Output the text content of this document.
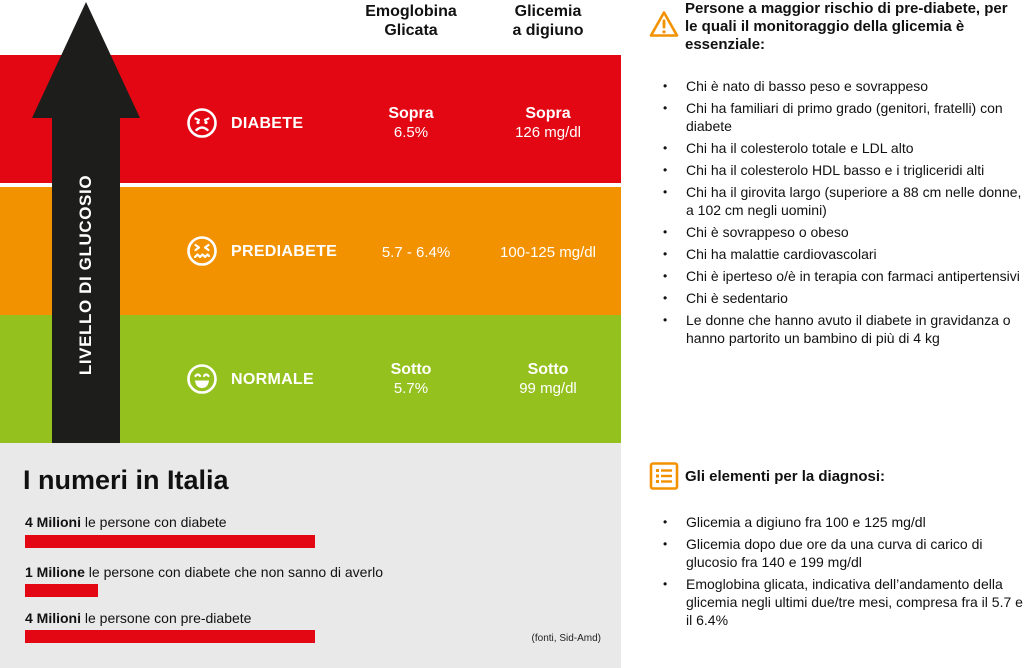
Emoglobina
Glicata
Glicemia
a digiuno
DIABETE
Sopra
6.5%
Sopra
126 mg/dl
PREDIABETE	5.7 - 6.4%	100-125 mg/dl
NORMALE
Sotto
5.7%
Sotto
99 mg/dl
LIVELLO DI GLUCOSIO
I numeri in Italia
4 Milioni le persone con diabete
1 Milione le persone con diabete che non sanno di averlo
4 Milioni le persone con pre-diabete
(fonti, Sid-Amd)
Persone a maggior rischio di pre-diabete, per le quali il monitoraggio della glicemia è essenziale:
• Chi è nato di basso peso e sovrappeso
• Chi ha familiari di primo grado (genitori, fratelli) con diabete
• Chi ha il colesterolo totale e LDL alto
• Chi ha il colesterolo HDL basso e i trigliceridi alti
• Chi ha il girovita largo (superiore a 88 cm nelle donne, a 102 cm negli uomini)
• Chi è sovrappeso o obeso
• Chi ha malattie cardiovascolari
• Chi è iperteso o/è in terapia con farmaci antipertensivi
• Chi è sedentario
• Le donne che hanno avuto il diabete in gravidanza o hanno partorito un bambino di più di 4 kg
Gli elementi per la diagnosi:
• Glicemia a digiuno fra 100 e 125 mg/dl
• Glicemia dopo due ore da una curva di carico di glucosio fra 140 e 199 mg/dl
• Emoglobina glicata, indicativa dell’andamento della glicemia negli ultimi due/tre mesi, compresa fra il 5.7 e il 6.4%
